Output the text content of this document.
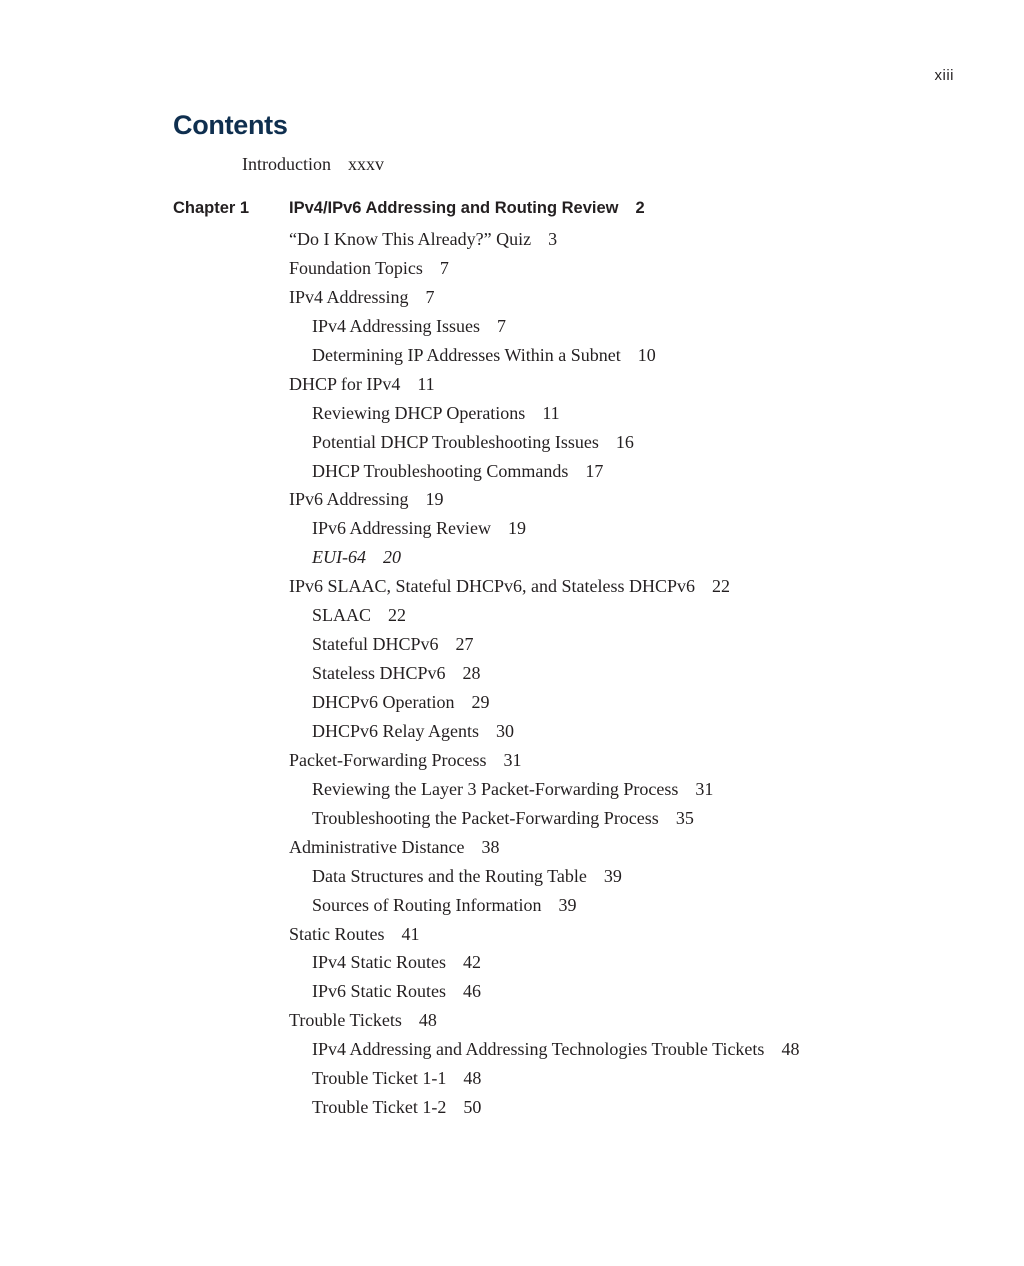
xiii
Contents
Introduction xxxv
Chapter 1 IPv4/IPv6 Addressing and Routing Review 2
“Do I Know This Already?” Quiz 3
Foundation Topics 7
IPv4 Addressing 7
IPv4 Addressing Issues 7
Determining IP Addresses Within a Subnet 10
DHCP for IPv4 11
Reviewing DHCP Operations 11
Potential DHCP Troubleshooting Issues 16
DHCP Troubleshooting Commands 17
IPv6 Addressing 19
IPv6 Addressing Review 19
EUI-64 20
IPv6 SLAAC, Stateful DHCPv6, and Stateless DHCPv6 22
SLAAC 22
Stateful DHCPv6 27
Stateless DHCPv6 28
DHCPv6 Operation 29
DHCPv6 Relay Agents 30
Packet-Forwarding Process 31
Reviewing the Layer 3 Packet-Forwarding Process 31
Troubleshooting the Packet-Forwarding Process 35
Administrative Distance 38
Data Structures and the Routing Table 39
Sources of Routing Information 39
Static Routes 41
IPv4 Static Routes 42
IPv6 Static Routes 46
Trouble Tickets 48
IPv4 Addressing and Addressing Technologies Trouble Tickets 48
Trouble Ticket 1-1 48
Trouble Ticket 1-2 50
